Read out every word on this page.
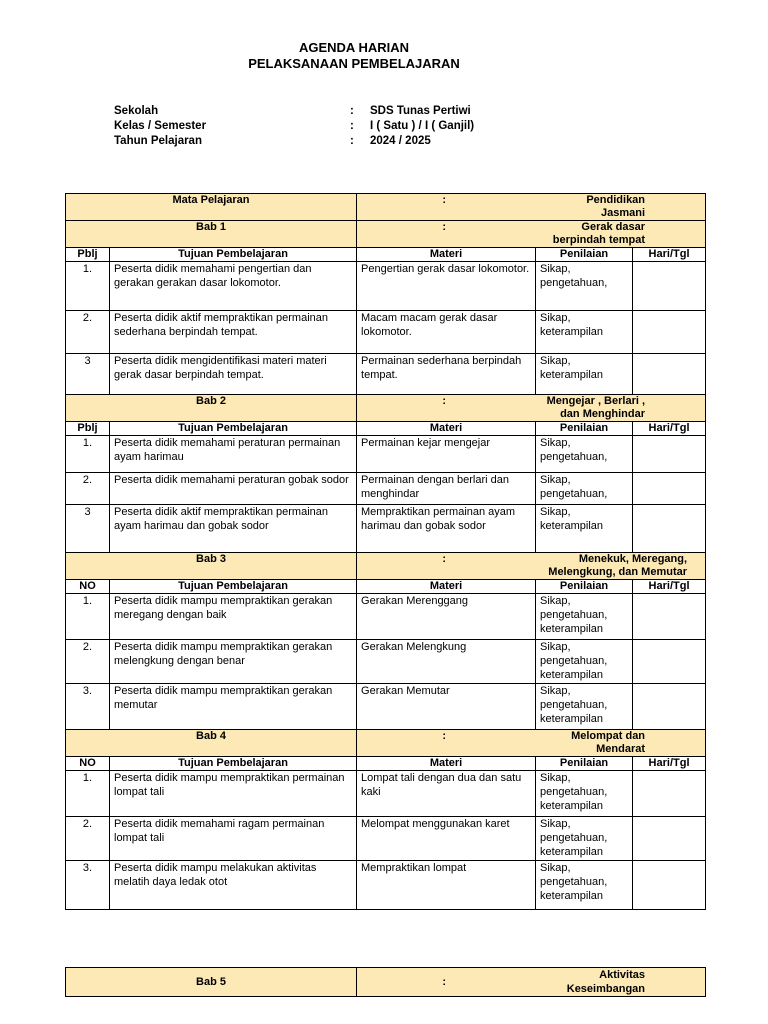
AGENDA HARIAN
PELAKSANAAN PEMBELAJARAN
Sekolah	: SDS Tunas Pertiwi
Kelas / Semester	: I ( Satu ) / I ( Ganjil)
Tahun Pelajaran	: 2024 / 2025
Mata Pelajaran		:	Pendidikan Jasmani	
Bab 1		:	Gerak dasar berpindah tempat	
Pblj	Tujuan Pembelajaran	Materi	Penilaian	Hari/Tgl
1.	Peserta didik memahami pengertian dan gerakan gerakan dasar lokomotor.	Pengertian gerak dasar lokomotor.	Sikap, pengetahuan,	
2.	Peserta didik aktif mempraktikan permainan sederhana berpindah tempat.	Macam macam gerak dasar lokomotor.	Sikap, keterampilan	
3	Peserta didik mengidentifikasi materi materi gerak dasar berpindah tempat.	Permainan sederhana berpindah tempat.	Sikap, keterampilan	
Bab 2		:	Mengejar , Berlari , dan Menghindar	
Pblj	Tujuan Pembelajaran	Materi	Penilaian	Hari/Tgl
1.	Peserta didik memahami peraturan permainan ayam harimau	Permainan kejar mengejar	Sikap, pengetahuan,	
2.	Peserta didik memahami peraturan gobak sodor	Permainan dengan berlari dan menghindar	Sikap, pengetahuan,	
3	Peserta didik aktif mempraktikan permainan ayam harimau dan gobak sodor	Mempraktikan permainan ayam harimau dan gobak sodor	Sikap, keterampilan	
Bab 3		:	Menekuk, Meregang, Melengkung, dan Memutar	
NO	Tujuan Pembelajaran	Materi	Penilaian	Hari/Tgl
1.	Peserta didik mampu mempraktikan gerakan meregang dengan baik	Gerakan Merenggang	Sikap, pengetahuan, keterampilan	
2.	Peserta didik mampu mempraktikan gerakan melengkung dengan benar	Gerakan Melengkung	Sikap, pengetahuan, keterampilan	
3.	Peserta didik mampu mempraktikan gerakan memutar	Gerakan Memutar	Sikap, pengetahuan, keterampilan	
Bab 4		:	Melompat dan Mendarat	
NO	Tujuan Pembelajaran	Materi	Penilaian	Hari/Tgl
1.	Peserta didik mampu mempraktikan permainan lompat tali	Lompat tali dengan dua dan satu kaki	Sikap, pengetahuan, keterampilan	
2.	Peserta didik memahami ragam permainan lompat tali	Melompat menggunakan karet	Sikap, pengetahuan, keterampilan	
3.	Peserta didik mampu melakukan aktivitas melatih daya ledak otot	Mempraktikan lompat	Sikap, pengetahuan, keterampilan	
Bab 5	:	Aktivitas Keseimbangan
